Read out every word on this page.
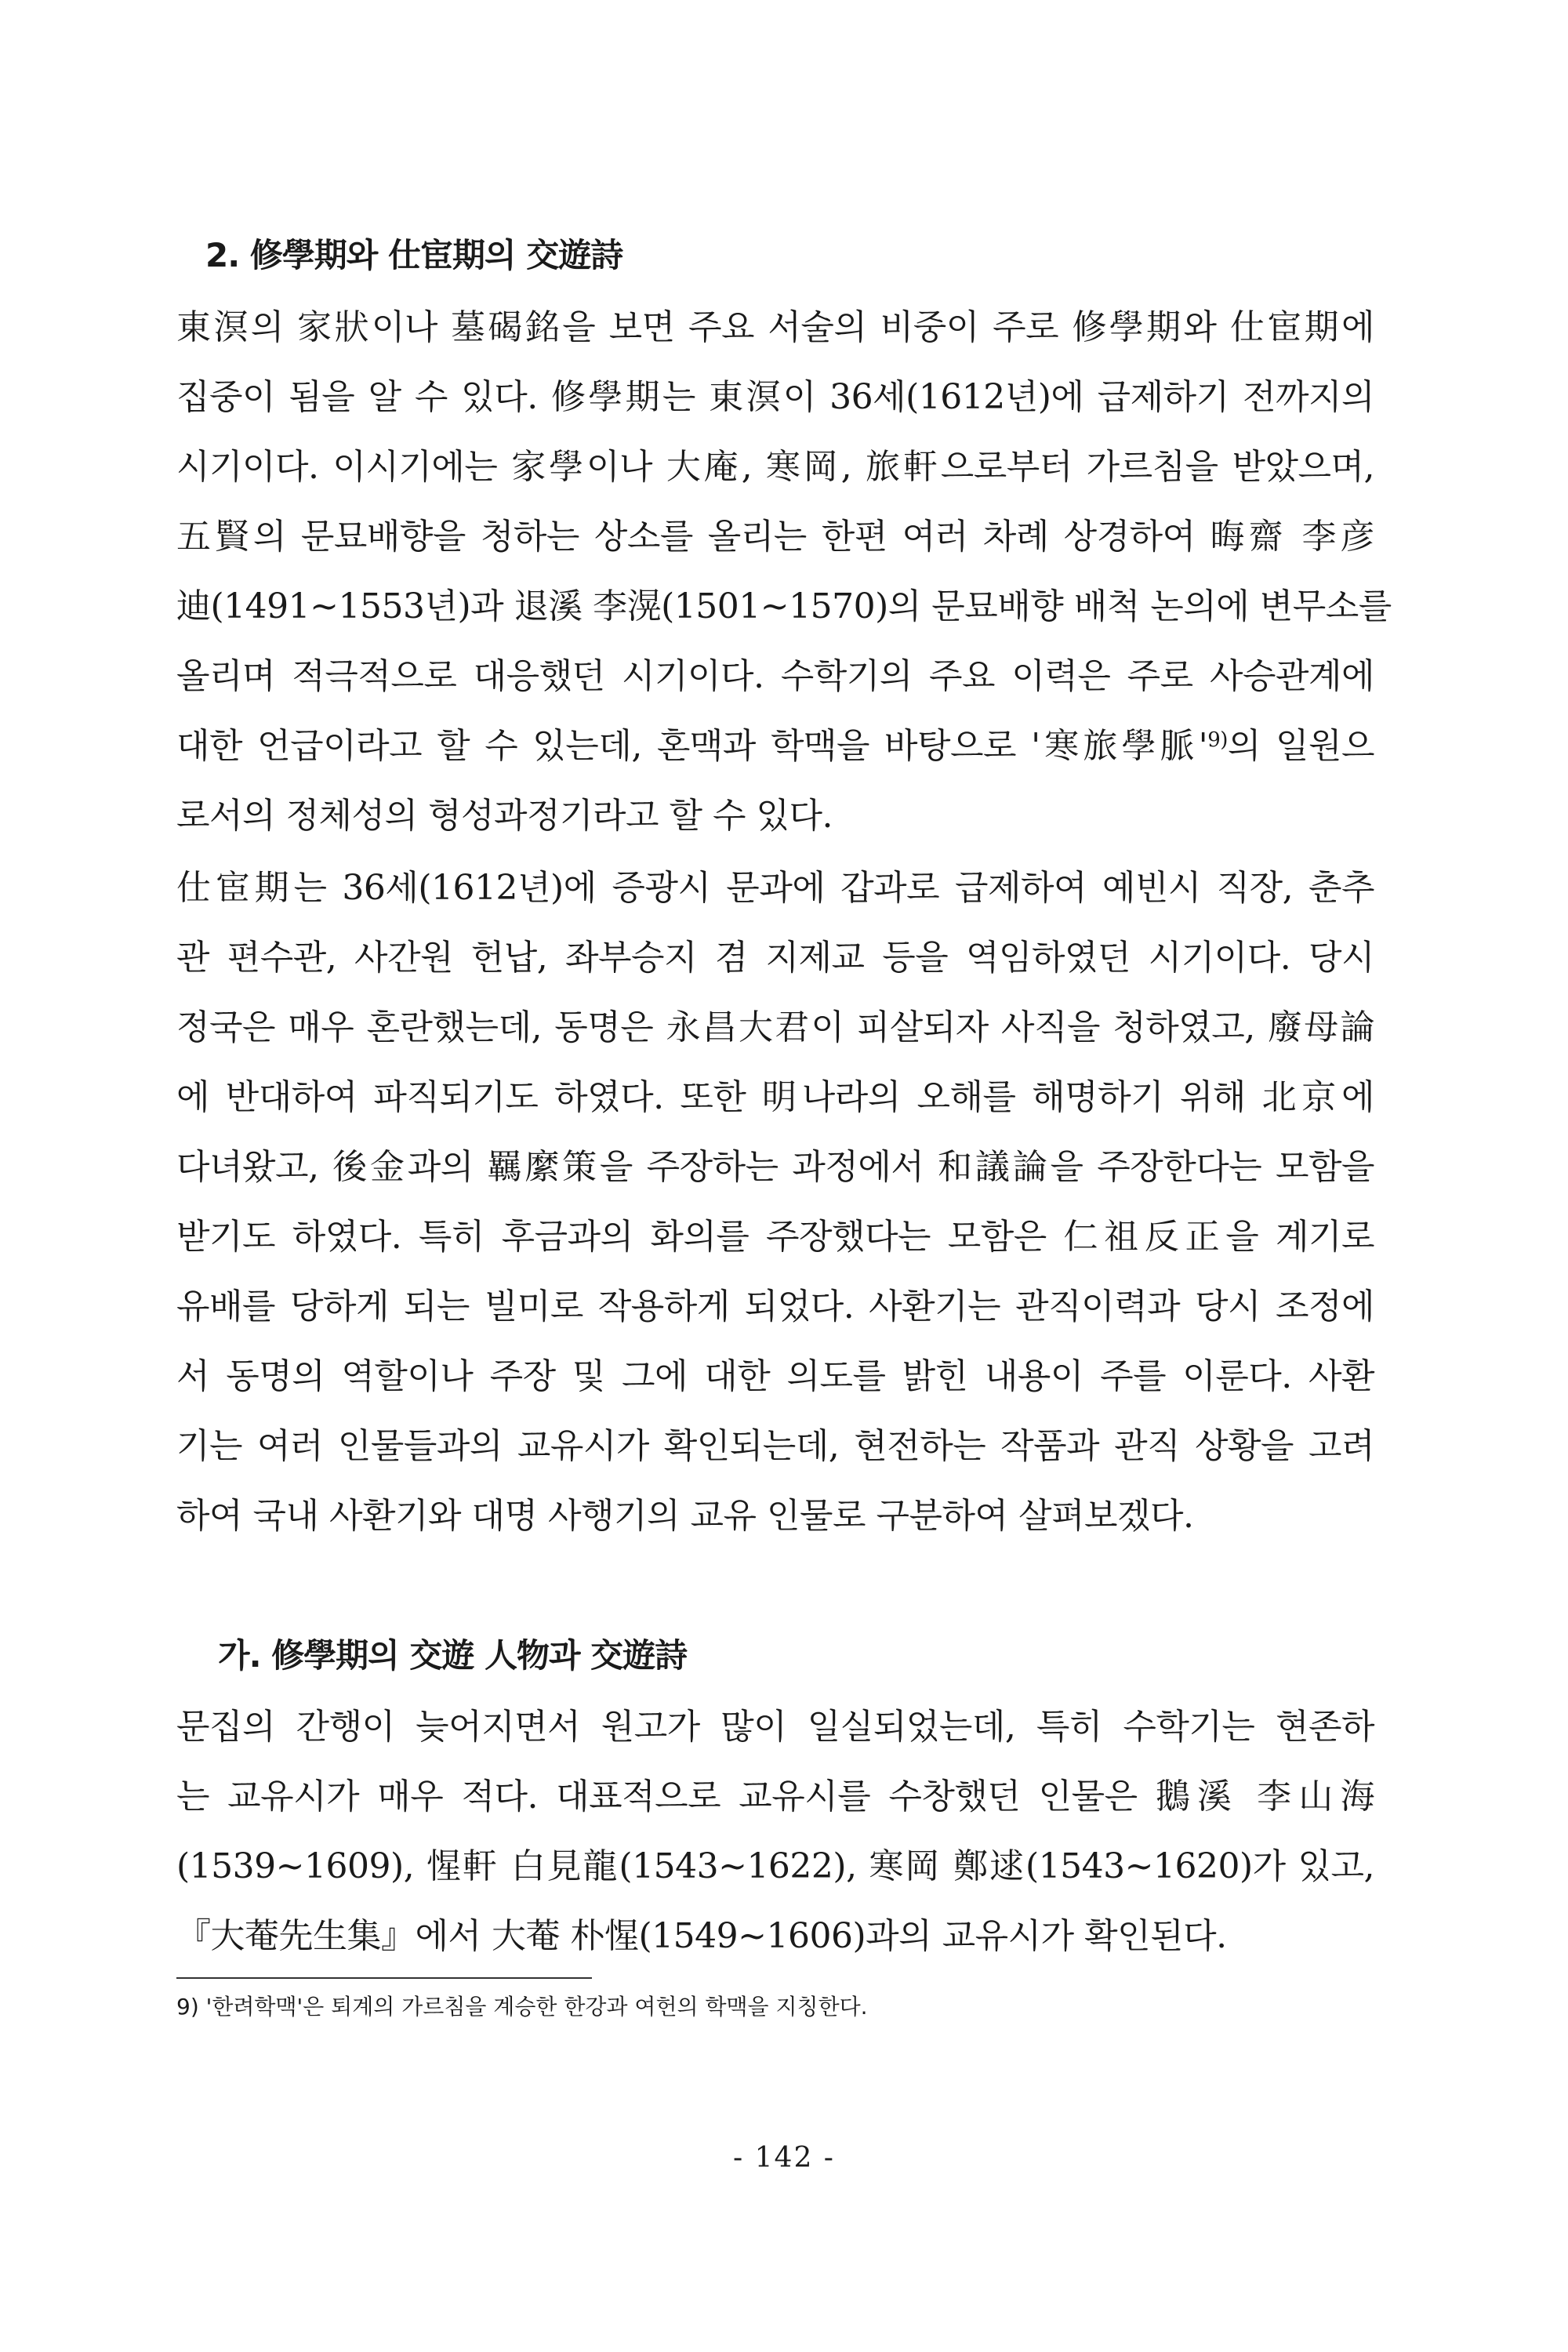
2. 修學期와 仕宦期의 交遊詩
東溟의 家狀이나 墓碣銘을 보면 주요 서술의 비중이 주로 修學期와 仕宦期에
집중이 됨을 알 수 있다. 修學期는 東溟이 36세(1612년)에 급제하기 전까지의
시기이다. 이시기에는 家學이나 大庵, 寒岡, 旅軒으로부터 가르침을 받았으며,
五賢의 문묘배향을 청하는 상소를 올리는 한편 여러 차례 상경하여 晦齋 李彦
迪(1491~1553년)과 退溪 李滉(1501~1570)의 문묘배향 배척 논의에 변무소를
올리며 적극적으로 대응했던 시기이다. 수학기의 주요 이력은 주로 사승관계에
대한 언급이라고 할 수 있는데, 혼맥과 학맥을 바탕으로 '寒旅學脈'$^{9)}$의 일원으
로서의 정체성의 형성과정기라고 할 수 있다.
仕宦期는 36세(1612년)에 증광시 문과에 갑과로 급제하여 예빈시 직장, 춘추
관 편수관, 사간원 헌납, 좌부승지 겸 지제교 등을 역임하였던 시기이다. 당시
정국은 매우 혼란했는데, 동명은 永昌大君이 피살되자 사직을 청하였고, 廢母論
에 반대하여 파직되기도 하였다. 또한 明나라의 오해를 해명하기 위해 北京에
다녀왔고, 後金과의 羈縻策을 주장하는 과정에서 和議論을 주장한다는 모함을
받기도 하였다. 특히 후금과의 화의를 주장했다는 모함은 仁祖反正을 계기로
유배를 당하게 되는 빌미로 작용하게 되었다. 사환기는 관직이력과 당시 조정에
서 동명의 역할이나 주장 및 그에 대한 의도를 밝힌 내용이 주를 이룬다. 사환
기는 여러 인물들과의 교유시가 확인되는데, 현전하는 작품과 관직 상황을 고려
하여 국내 사환기와 대명 사행기의 교유 인물로 구분하여 살펴보겠다.
가. 修學期의 交遊 人物과 交遊詩
문집의 간행이 늦어지면서 원고가 많이 일실되었는데, 특히 수학기는 현존하
는 교유시가 매우 적다. 대표적으로 교유시를 수창했던 인물은 鵝溪 李山海
(1539~1609), 惺軒 白見龍(1543~1622), 寒岡 鄭逑(1543~1620)가 있고,
『大菴先生集』에서 大菴 朴惺(1549~1606)과의 교유시가 확인된다.
9) '한려학맥'은 퇴계의 가르침을 계승한 한강과 여헌의 학맥을 지칭한다.
- 142 -
